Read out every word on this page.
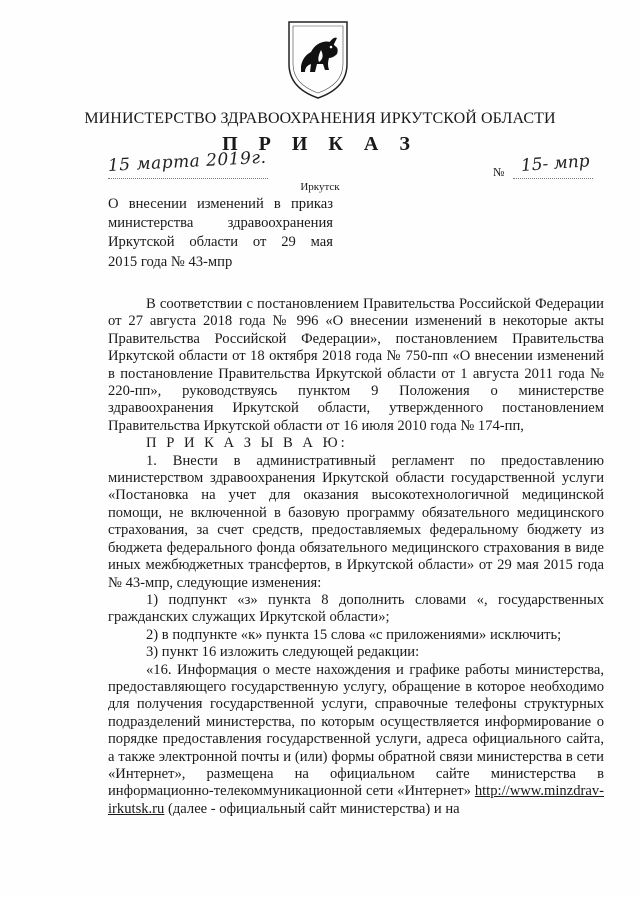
МИНИСТЕРСТВО ЗДРАВООХРАНЕНИЯ ИРКУТСКОЙ ОБЛАСТИ
П Р И К А З
15 марта 2019г.	№ 15- мпр
Иркутск
О внесении изменений в приказ
министерства здравоохранения
Иркутской области от 29 мая
2015 года № 43-мпр

В соответствии с постановлением Правительства Российской Федерации от 27 августа 2018 года № 996 «О внесении изменений в некоторые акты Правительства Российской Федерации», постановлением Правительства Иркутской области от 18 октября 2018 года № 750-пп «О внесении изменений в постановление Правительства Иркутской области от 1 августа 2011 года № 220-пп», руководствуясь пунктом 9 Положения о министерстве здравоохранения Иркутской области, утвержденного постановлением Правительства Иркутской области от 16 июля 2010 года № 174-пп,

П Р И К А З Ы В А Ю:

1. Внести в административный регламент по предоставлению министерством здравоохранения Иркутской области государственной услуги «Постановка на учет для оказания высокотехнологичной медицинской помощи, не включенной в базовую программу обязательного медицинского страхования, за счет средств, предоставляемых федеральному бюджету из бюджета федерального фонда обязательного медицинского страхования в виде иных межбюджетных трансфертов, в Иркутской области» от 29 мая 2015 года № 43-мпр, следующие изменения:

1) подпункт «з» пункта 8 дополнить словами «, государственных гражданских служащих Иркутской области»;

2) в подпункте «к» пункта 15 слова «с приложениями» исключить;

3) пункт 16 изложить следующей редакции:

«16. Информация о месте нахождения и графике работы министерства, предоставляющего государственную услугу, обращение в которое необходимо для получения государственной услуги, справочные телефоны структурных подразделений министерства, по которым осуществляется информирование о порядке предоставления государственной услуги, адреса официального сайта, а также электронной почты и (или) формы обратной связи министерства в сети «Интернет», размещена на официальном сайте министерства в информационно-телекоммуникационной сети «Интернет» http://www.minzdrav-irkutsk.ru (далее - официальный сайт министерства) и на
